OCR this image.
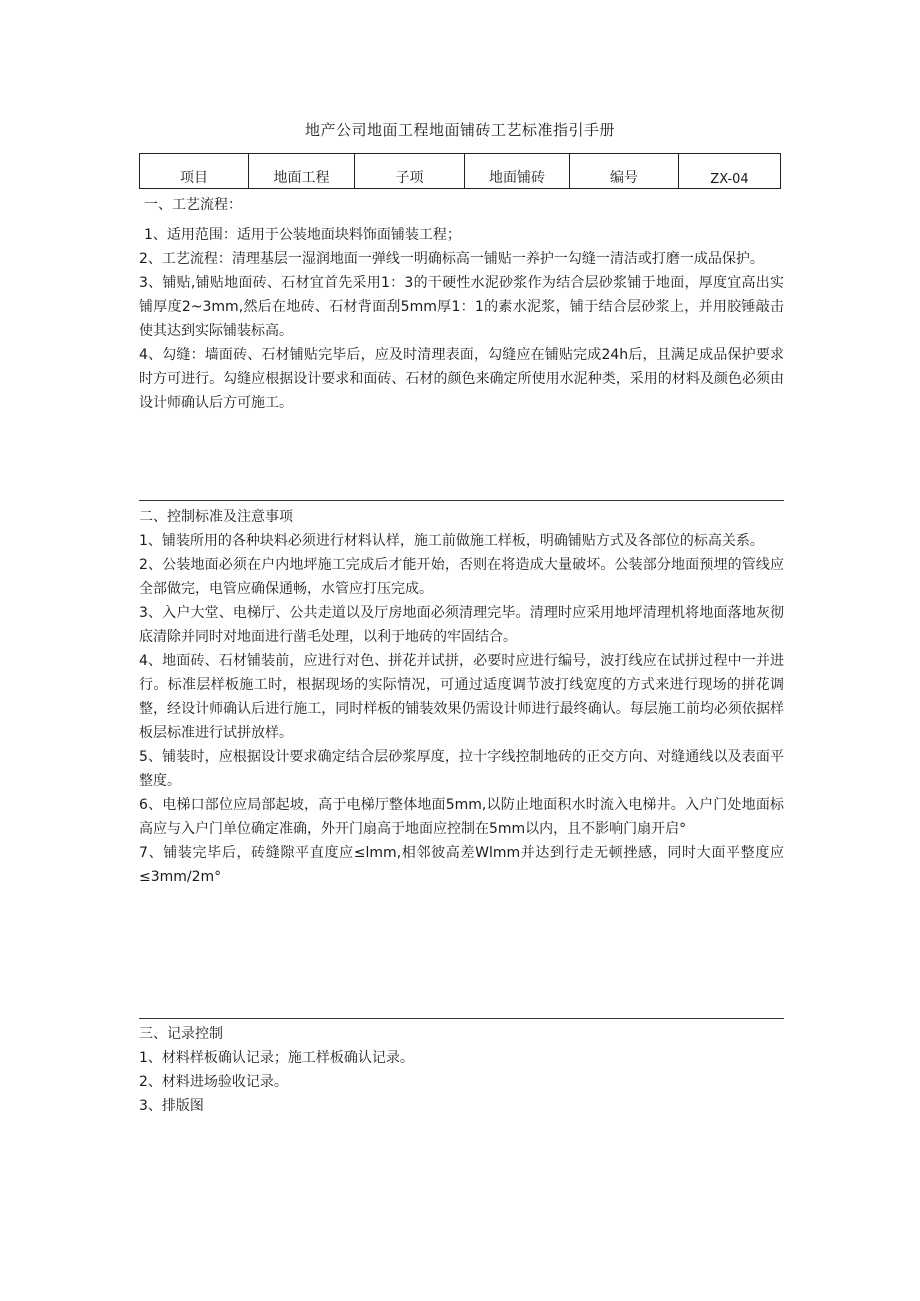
地产公司地面工程地面铺砖工艺标准指引手册
项目	地面工程	子项	地面铺砖	编号	ZX-04

一、工艺流程：

1、适用范围：适用于公装地面块料饰面铺装工程；

2、工艺流程：清理基层一湿润地面一弹线一明确标高一铺贴一养护一勾缝一清洁或打磨一成品保护。

3、铺贴,铺贴地面砖、石材宜首先采用1：3的干硬性水泥砂浆作为结合层砂浆铺于地面，厚度宜高出实铺厚度2~3mm,然后在地砖、石材背面刮5mm厚1：1的素水泥浆，铺于结合层砂浆上，并用胶锤敲击使其达到实际铺装标高。

4、勾缝：墙面砖、石材铺贴完毕后，应及时清理表面，勾缝应在铺贴完成24h后，且满足成品保护要求时方可进行。勾缝应根据设计要求和面砖、石材的颜色来确定所使用水泥种类，采用的材料及颜色必须由设计师确认后方可施工。

二、控制标准及注意事项

1、铺装所用的各种块料必须进行材料认样，施工前做施工样板，明确铺贴方式及各部位的标高关系。

2、公装地面必须在户内地坪施工完成后才能开始，否则在将造成大量破坏。公装部分地面预埋的管线应全部做完，电管应确保通畅，水管应打压完成。

3、入户大堂、电梯厅、公共走道以及厅房地面必须清理完毕。清理时应采用地坪清理机将地面落地灰彻底清除并同时对地面进行凿毛处理，以利于地砖的牢固结合。

4、地面砖、石材铺装前，应进行对色、拼花并试拼，必要时应进行编号，波打线应在试拼过程中一并进行。标准层样板施工时，根据现场的实际情况，可通过适度调节波打线宽度的方式来进行现场的拼花调整，经设计师确认后进行施工，同时样板的铺装效果仍需设计师进行最终确认。每层施工前均必须依据样板层标准进行试拼放样。

5、铺装时，应根据设计要求确定结合层砂浆厚度，拉十字线控制地砖的正交方向、对缝通线以及表面平整度。

6、电梯口部位应局部起坡，高于电梯厅整体地面5mm,以防止地面积水时流入电梯井。入户门处地面标高应与入户门单位确定准确，外开门扇高于地面应控制在5mm以内，且不影响门扇开启°

7、铺装完毕后，砖缝隙平直度应≤lmm,相邻彼高差Wlmm并达到行走无顿挫感，同时大面平整度应≤3mm∕2m°

三、记录控制

1、材料样板确认记录；施工样板确认记录。

2、材料进场验收记录。

3、排版图
